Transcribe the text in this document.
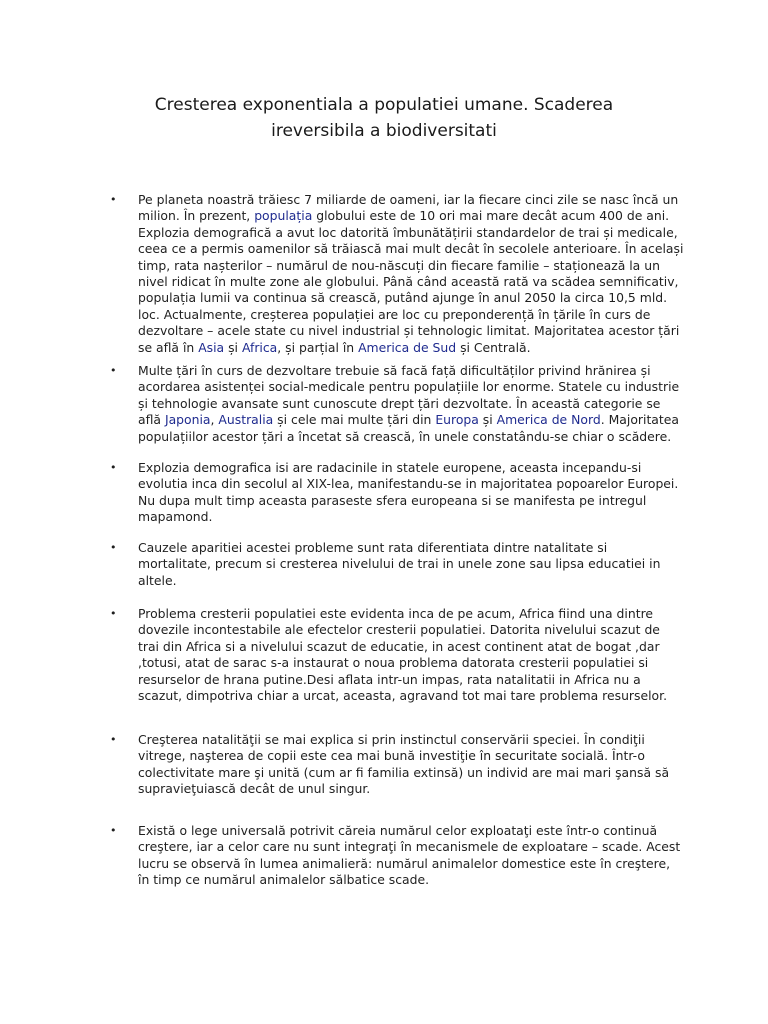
Cresterea exponentiala a populatiei umane. Scaderea
ireversibila a biodiversitati
•	Pe planeta noastră trăiesc 7 miliarde de oameni, iar la fiecare cinci zile se nasc încă un milion. În prezent, populația globului este de 10 ori mai mare decât acum 400 de ani. Explozia demografică a avut loc datorită îmbunătățirii standardelor de trai și medicale, ceea ce a permis oamenilor să trăiască mai mult decât în secolele anterioare. În același timp, rata nașterilor – numărul de nou-născuți din fiecare familie – staționează la un nivel ridicat în multe zone ale globului. Până când această rată va scădea semnificativ, populația lumii va continua să crească, putând ajunge în anul 2050 la circa 10,5 mld. loc. Actualmente, creșterea populației are loc cu preponderență în țările în curs de dezvoltare – acele state cu nivel industrial și tehnologic limitat. Majoritatea acestor țări se află în Asia și Africa, și parțial în America de Sud și Centrală.
•	Multe țări în curs de dezvoltare trebuie să facă față dificultăților privind hrănirea și acordarea asistenței social-medicale pentru populațiile lor enorme. Statele cu industrie și tehnologie avansate sunt cunoscute drept țări dezvoltate. În această categorie se află Japonia, Australia și cele mai multe țări din Europa și America de Nord. Majoritatea populațiilor acestor țări a încetat să crească, în unele constatându-se chiar o scădere.
•	Explozia demografica isi are radacinile in statele europene, aceasta incepandu-si evolutia inca din secolul al XIX-lea, manifestandu-se in majoritatea popoarelor Europei. Nu dupa mult timp aceasta paraseste sfera europeana si se manifesta pe intregul mapamond.
•	Cauzele aparitiei acestei probleme sunt rata diferentiata dintre natalitate si mortalitate, precum si cresterea nivelului de trai in unele zone sau lipsa educatiei in altele.
•	Problema cresterii populatiei este evidenta inca de pe acum, Africa fiind una dintre dovezile incontestabile ale efectelor cresterii populatiei. Datorita nivelului scazut de trai din Africa si a nivelului scazut de educatie, in acest continent atat de bogat ,dar ,totusi, atat de sarac s-a instaurat o noua problema datorata cresterii populatiei si resurselor de hrana putine.Desi aflata intr-un impas, rata natalitatii in Africa nu a scazut, dimpotriva chiar a urcat, aceasta, agravand tot mai tare problema resurselor.
•	Creşterea natalităţii se mai explica si prin instinctul conservării speciei. În condiţii vitrege, naşterea de copii este cea mai bună investiţie în securitate socială. Într-o colectivitate mare şi unită (cum ar fi familia extinsă) un individ are mai mari şansă să supravieţuiască decât de unul singur.
•	Există o lege universală potrivit căreia numărul celor exploataţi este într-o continuă creştere, iar a celor care nu sunt integraţi în mecanismele de exploatare – scade. Acest lucru se observă în lumea animalieră: numărul animalelor domestice este în creştere, în timp ce numărul animalelor sălbatice scade.
